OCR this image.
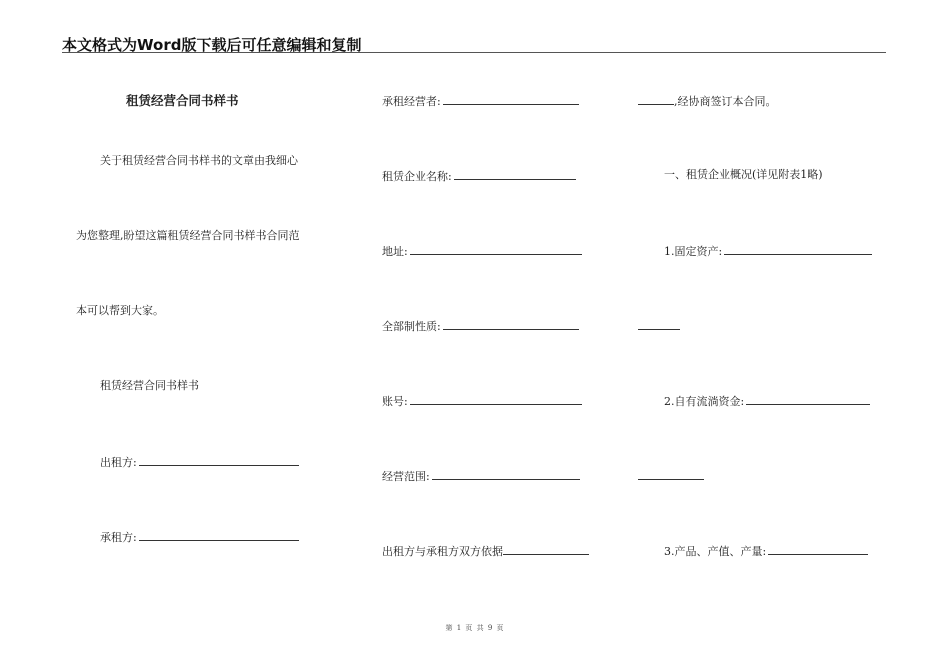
本文格式为Word版下载后可任意编辑和复制
租赁经营合同书样书
关于租赁经营合同书样书的文章由我细心
为您整理,盼望这篇租赁经营合同书样书合同范
本可以帮到大家。
租赁经营合同书样书
出租方:
承租方:
承租经营者:
租赁企业名称:
地址:
全部制性质:
账号:
经营范围:
出租方与承租方双方依据
,经协商签订本合同。
一、租赁企业概况(详见附表1略)
1.固定资产:
2.自有流淌资金:
3.产品、产值、产量:
第 1 页 共 9 页
